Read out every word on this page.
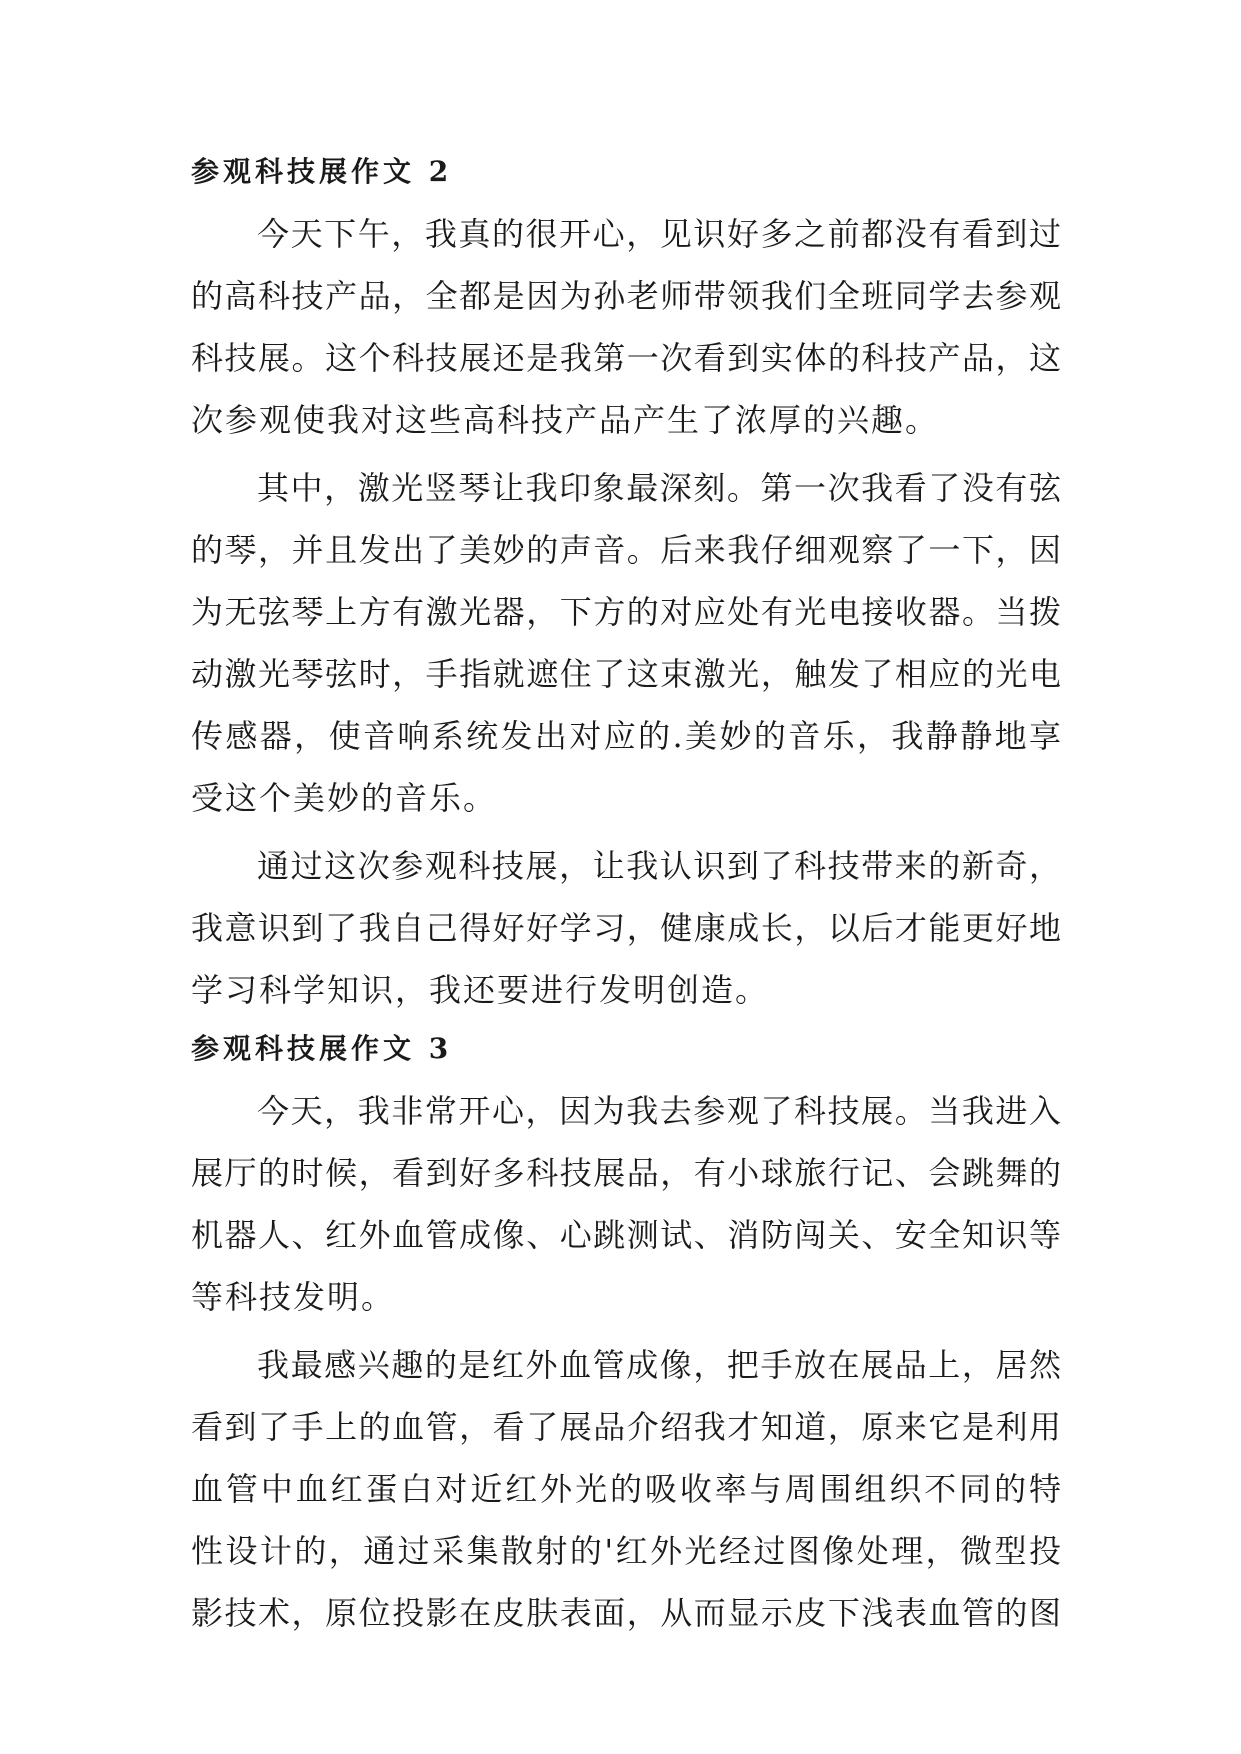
参观科技展作文 2
今天下午，我真的很开心，见识好多之前都没有看到过
的高科技产品，全都是因为孙老师带领我们全班同学去参观
科技展。这个科技展还是我第一次看到实体的科技产品，这
次参观使我对这些高科技产品产生了浓厚的兴趣。
其中，激光竖琴让我印象最深刻。第一次我看了没有弦
的琴，并且发出了美妙的声音。后来我仔细观察了一下，因
为无弦琴上方有激光器，下方的对应处有光电接收器。当拨
动激光琴弦时，手指就遮住了这束激光，触发了相应的光电
传感器，使音响系统发出对应的.美妙的音乐，我静静地享
受这个美妙的音乐。
通过这次参观科技展，让我认识到了科技带来的新奇，
我意识到了我自己得好好学习，健康成长，以后才能更好地
学习科学知识，我还要进行发明创造。
参观科技展作文 3
今天，我非常开心，因为我去参观了科技展。当我进入
展厅的时候，看到好多科技展品，有小球旅行记、会跳舞的
机器人、红外血管成像、心跳测试、消防闯关、安全知识等
等科技发明。
我最感兴趣的是红外血管成像，把手放在展品上，居然
看到了手上的血管，看了展品介绍我才知道，原来它是利用
血管中血红蛋白对近红外光的吸收率与周围组织不同的特
性设计的，通过采集散射的'红外光经过图像处理，微型投
影技术，原位投影在皮肤表面，从而显示皮下浅表血管的图
